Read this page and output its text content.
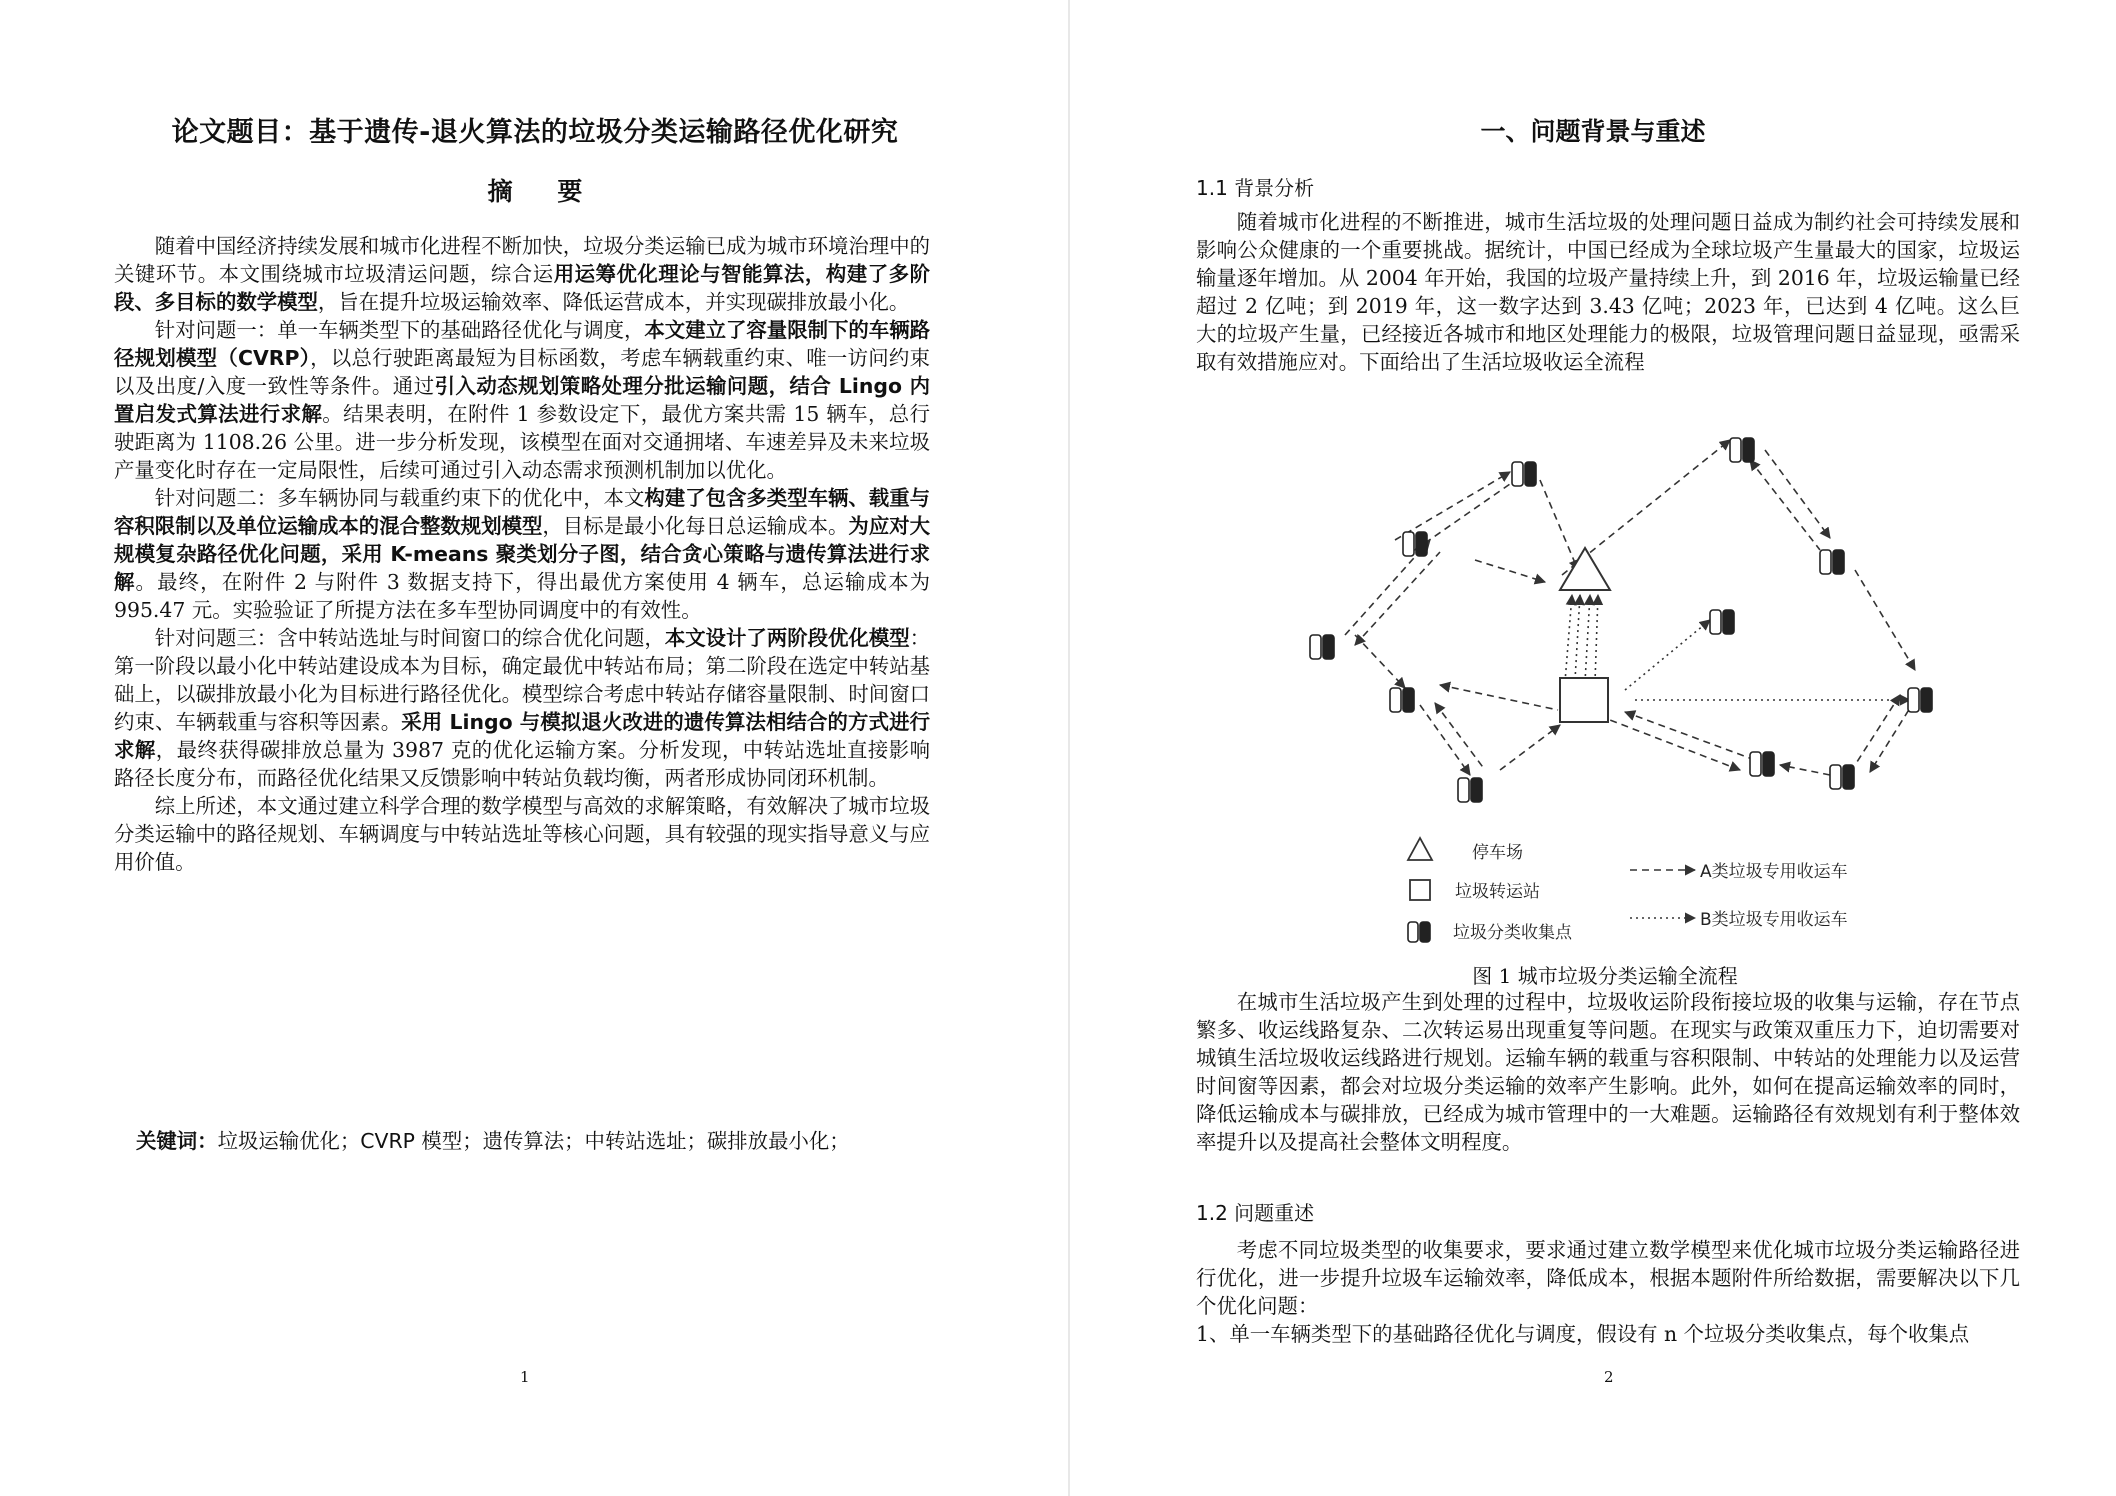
论文题目：基于遗传-退火算法的垃圾分类运输路径优化研究
摘 要

随着中国经济持续发展和城市化进程不断加快，垃圾分类运输已成为城市环境治理中的关键环节。本文围绕城市垃圾清运问题，综合运用运筹优化理论与智能算法，构建了多阶段、多目标的数学模型，旨在提升垃圾运输效率、降低运营成本，并实现碳排放最小化。

针对问题一：单一车辆类型下的基础路径优化与调度，本文建立了容量限制下的车辆路径规划模型（CVRP），以总行驶距离最短为目标函数，考虑车辆载重约束、唯一访问约束以及出度/入度一致性等条件。通过引入动态规划策略处理分批运输问题，结合 Lingo 内置启发式算法进行求解。结果表明，在附件 1 参数设定下，最优方案共需 15 辆车，总行驶距离为 1108.26 公里。进一步分析发现，该模型在面对交通拥堵、车速差异及未来垃圾产量变化时存在一定局限性，后续可通过引入动态需求预测机制加以优化。

针对问题二：多车辆协同与载重约束下的优化中，本文构建了包含多类型车辆、载重与容积限制以及单位运输成本的混合整数规划模型，目标是最小化每日总运输成本。为应对大规模复杂路径优化问题，采用 K-means 聚类划分子图，结合贪心策略与遗传算法进行求解。最终，在附件 2 与附件 3 数据支持下，得出最优方案使用 4 辆车，总运输成本为 995.47 元。实验验证了所提方法在多车型协同调度中的有效性。

针对问题三：含中转站选址与时间窗口的综合优化问题，本文设计了两阶段优化模型：第一阶段以最小化中转站建设成本为目标，确定最优中转站布局；第二阶段在选定中转站基础上，以碳排放最小化为目标进行路径优化。模型综合考虑中转站存储容量限制、时间窗口约束、车辆载重与容积等因素。采用 Lingo 与模拟退火改进的遗传算法相结合的方式进行求解，最终获得碳排放总量为 3987 克的优化运输方案。分析发现，中转站选址直接影响路径长度分布，而路径优化结果又反馈影响中转站负载均衡，两者形成协同闭环机制。

综上所述，本文通过建立科学合理的数学模型与高效的求解策略，有效解决了城市垃圾分类运输中的路径规划、车辆调度与中转站选址等核心问题，具有较强的现实指导意义与应用价值。

关键词：垃圾运输优化；CVRP 模型；遗传算法；中转站选址；碳排放最小化；
1
一、问题背景与重述
1.1 背景分析

随着城市化进程的不断推进，城市生活垃圾的处理问题日益成为制约社会可持续发展和影响公众健康的一个重要挑战。据统计，中国已经成为全球垃圾产生量最大的国家，垃圾运输量逐年增加。从 2004 年开始，我国的垃圾产量持续上升，到 2016 年，垃圾运输量已经超过 2 亿吨；到 2019 年，这一数字达到 3.43 亿吨；2023 年，已达到 4 亿吨。这么巨大的垃圾产生量，已经接近各城市和地区处理能力的极限，垃圾管理问题日益显现，亟需采取有效措施应对。下面给出了生活垃圾收运全流程

停车场
垃圾转运站
垃圾分类收集点
A类垃圾专用收运车
B类垃圾专用收运车
图 1 城市垃圾分类运输全流程

在城市生活垃圾产生到处理的过程中，垃圾收运阶段衔接垃圾的收集与运输，存在节点繁多、收运线路复杂、二次转运易出现重复等问题。在现实与政策双重压力下，迫切需要对城镇生活垃圾收运线路进行规划。运输车辆的载重与容积限制、中转站的处理能力以及运营时间窗等因素，都会对垃圾分类运输的效率产生影响。此外，如何在提高运输效率的同时，降低运输成本与碳排放，已经成为城市管理中的一大难题。运输路径有效规划有利于整体效率提升以及提高社会整体文明程度。

1.2 问题重述

考虑不同垃圾类型的收集要求，要求通过建立数学模型来优化城市垃圾分类运输路径进行优化，进一步提升垃圾车运输效率，降低成本，根据本题附件所给数据，需要解决以下几个优化问题：

1、单一车辆类型下的基础路径优化与调度，假设有 n 个垃圾分类收集点，每个收集点

2
